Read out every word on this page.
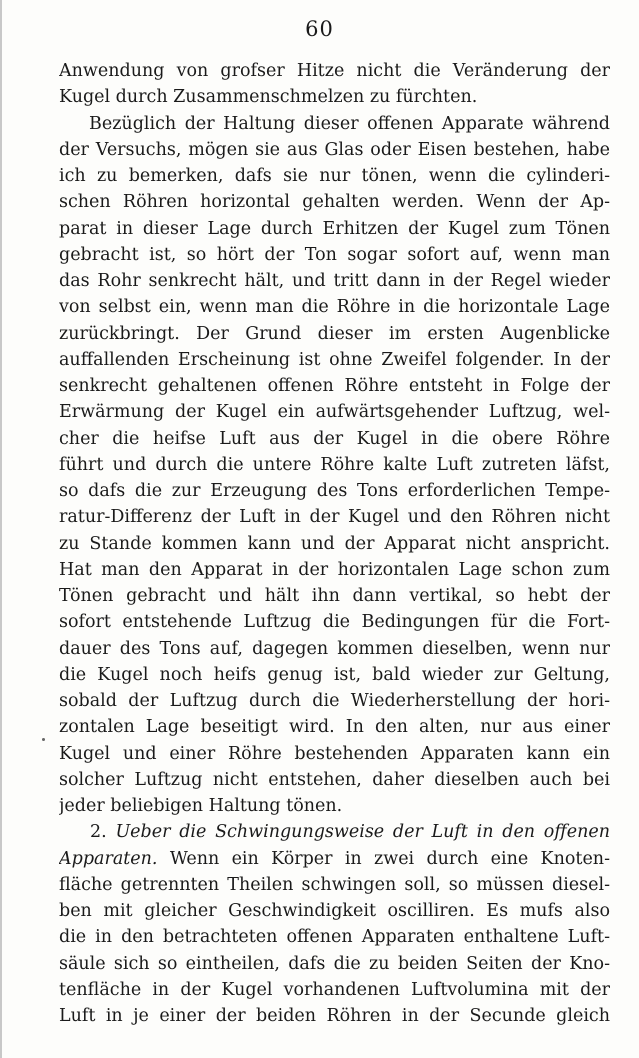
60
Anwendung von grofser Hitze nicht die Veränderung der
Kugel durch Zusammenschmelzen zu fürchten.
Bezüglich der Haltung dieser offenen Apparate während
der Versuchs, mögen sie aus Glas oder Eisen bestehen, habe
ich zu bemerken, dafs sie nur tönen, wenn die cylinderi-
schen Röhren horizontal gehalten werden. Wenn der Ap-
parat in dieser Lage durch Erhitzen der Kugel zum Tönen
gebracht ist, so hört der Ton sogar sofort auf, wenn man
das Rohr senkrecht hält, und tritt dann in der Regel wieder
von selbst ein, wenn man die Röhre in die horizontale Lage
zurückbringt. Der Grund dieser im ersten Augenblicke
auffallenden Erscheinung ist ohne Zweifel folgender. In der
senkrecht gehaltenen offenen Röhre entsteht in Folge der
Erwärmung der Kugel ein aufwärtsgehender Luftzug, wel-
cher die heifse Luft aus der Kugel in die obere Röhre
führt und durch die untere Röhre kalte Luft zutreten läfst,
so dafs die zur Erzeugung des Tons erforderlichen Tempe-
ratur-Differenz der Luft in der Kugel und den Röhren nicht
zu Stande kommen kann und der Apparat nicht anspricht.
Hat man den Apparat in der horizontalen Lage schon zum
Tönen gebracht und hält ihn dann vertikal, so hebt der
sofort entstehende Luftzug die Bedingungen für die Fort-
dauer des Tons auf, dagegen kommen dieselben, wenn nur
die Kugel noch heifs genug ist, bald wieder zur Geltung,
sobald der Luftzug durch die Wiederherstellung der hori-
zontalen Lage beseitigt wird. In den alten, nur aus einer
Kugel und einer Röhre bestehenden Apparaten kann ein
solcher Luftzug nicht entstehen, daher dieselben auch bei
jeder beliebigen Haltung tönen.
2. Ueber die Schwingungsweise der Luft in den offenen
Apparaten. Wenn ein Körper in zwei durch eine Knoten-
fläche getrennten Theilen schwingen soll, so müssen diesel-
ben mit gleicher Geschwindigkeit oscilliren. Es mufs also
die in den betrachteten offenen Apparaten enthaltene Luft-
säule sich so eintheilen, dafs die zu beiden Seiten der Kno-
tenfläche in der Kugel vorhandenen Luftvolumina mit der
Luft in je einer der beiden Röhren in der Secunde gleich
